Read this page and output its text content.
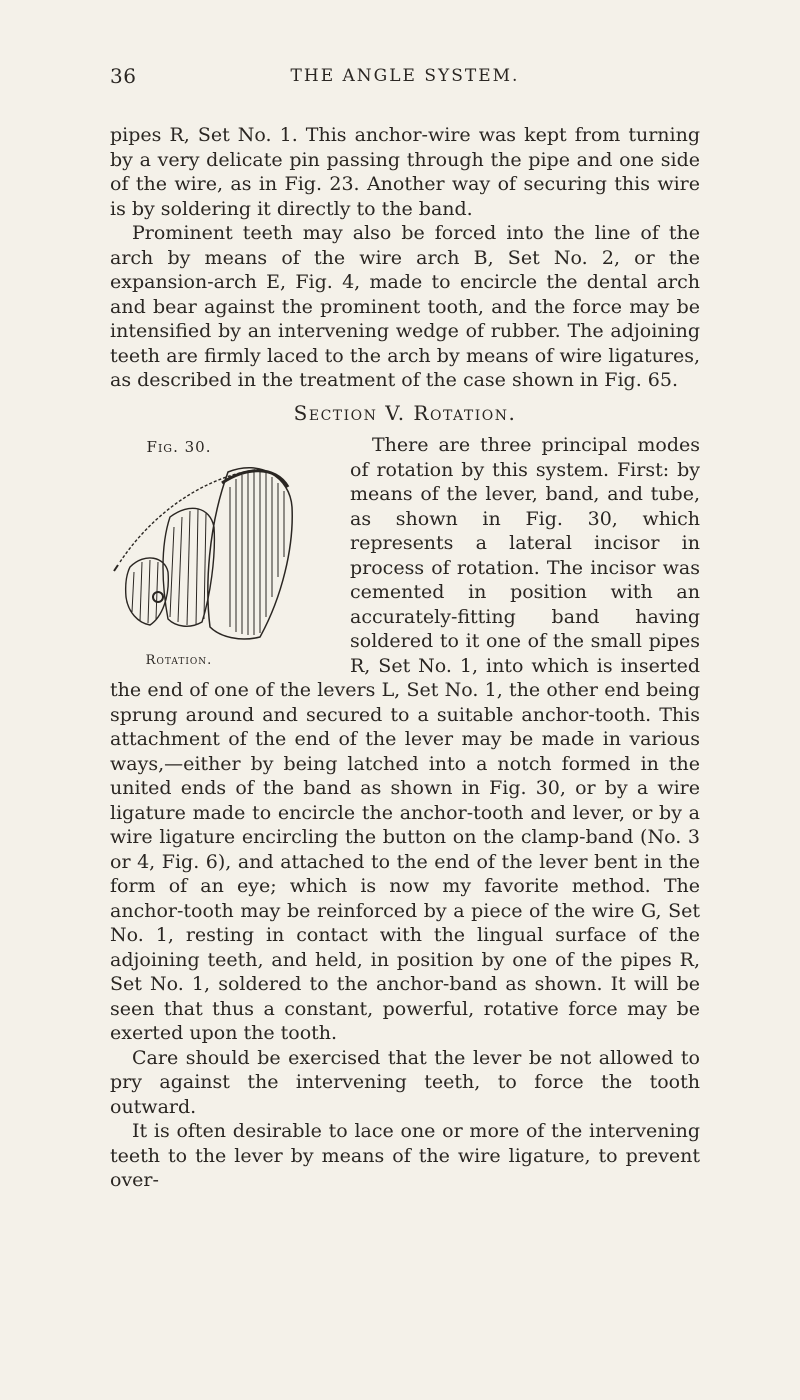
36	THE ANGLE SYSTEM.

pipes R, Set No. 1. This anchor-wire was kept from turning by a very delicate pin passing through the pipe and one side of the wire, as in Fig. 23. Another way of securing this wire is by soldering it directly to the band.

Prominent teeth may also be forced into the line of the arch by means of the wire arch B, Set No. 2, or the expansion-arch E, Fig. 4, made to encircle the dental arch and bear against the prominent tooth, and the force may be intensified by an intervening wedge of rubber. The adjoining teeth are firmly laced to the arch by means of wire ligatures, as described in the treatment of the case shown in Fig. 65.

Section V. Rotation.

Fig. 30.
Rotation.
There are three principal modes of rotation by this system. First: by means of the lever, band, and tube, as shown in Fig. 30, which represents a lateral incisor in process of rotation. The incisor was cemented in position with an accurately-fitting band having soldered to it one of the small pipes R, Set No. 1, into which is inserted the end of one of the levers L, Set No. 1, the other end being sprung around and secured to a suitable anchor-tooth. This attachment of the end of the lever may be made in various ways,—either by being latched into a notch formed in the united ends of the band as shown in Fig. 30, or by a wire ligature made to encircle the anchor-tooth and lever, or by a wire ligature encircling the button on the clamp-band (No. 3 or 4, Fig. 6), and attached to the end of the lever bent in the form of an eye; which is now my favorite method. The anchor-tooth may be reinforced by a piece of the wire G, Set No. 1, resting in contact with the lingual surface of the adjoining teeth, and held, in position by one of the pipes R, Set No. 1, soldered to the anchor-band as shown. It will be seen that thus a constant, powerful, rotative force may be exerted upon the tooth.

Care should be exercised that the lever be not allowed to pry against the intervening teeth, to force the tooth outward.

It is often desirable to lace one or more of the intervening teeth to the lever by means of the wire ligature, to prevent over-
